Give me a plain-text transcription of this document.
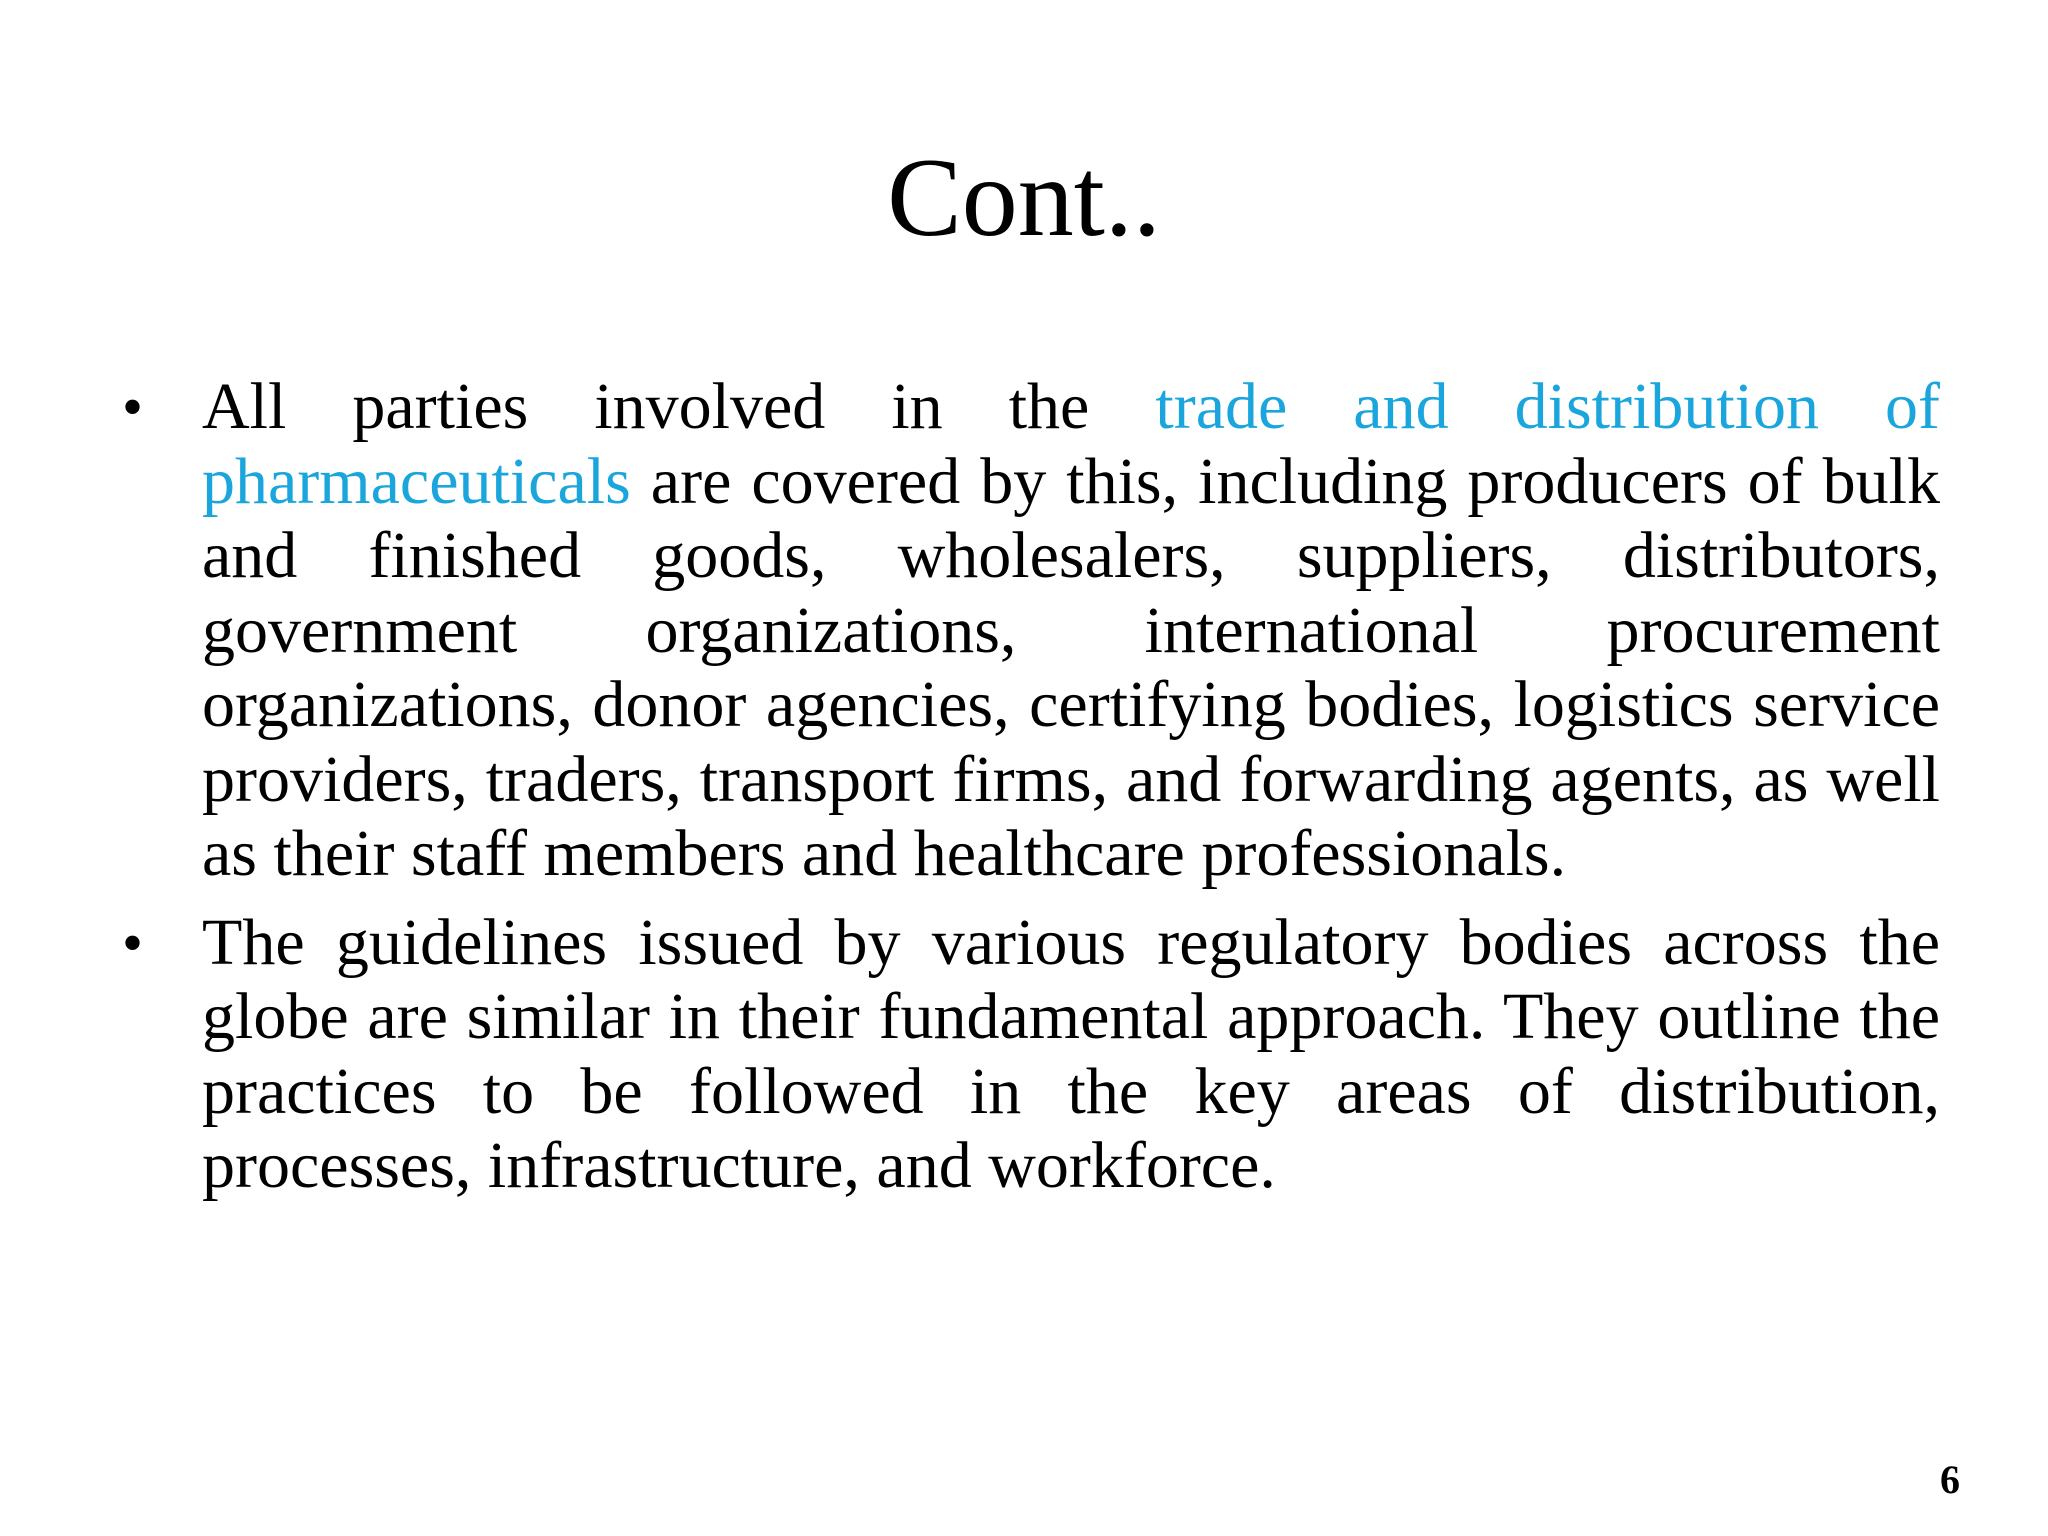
Cont..
• All parties involved in the trade and distribution of pharmaceuticals are covered by this, including producers of bulk and finished goods, wholesalers, suppliers, distributors, government organizations, international procurement organizations, donor agencies, certifying bodies, logistics service providers, traders, transport firms, and forwarding agents, as well as their staff members and healthcare professionals.
• The guidelines issued by various regulatory bodies across the globe are similar in their fundamental approach. They outline the practices to be followed in the key areas of distribution, processes, infrastructure, and workforce.
6
